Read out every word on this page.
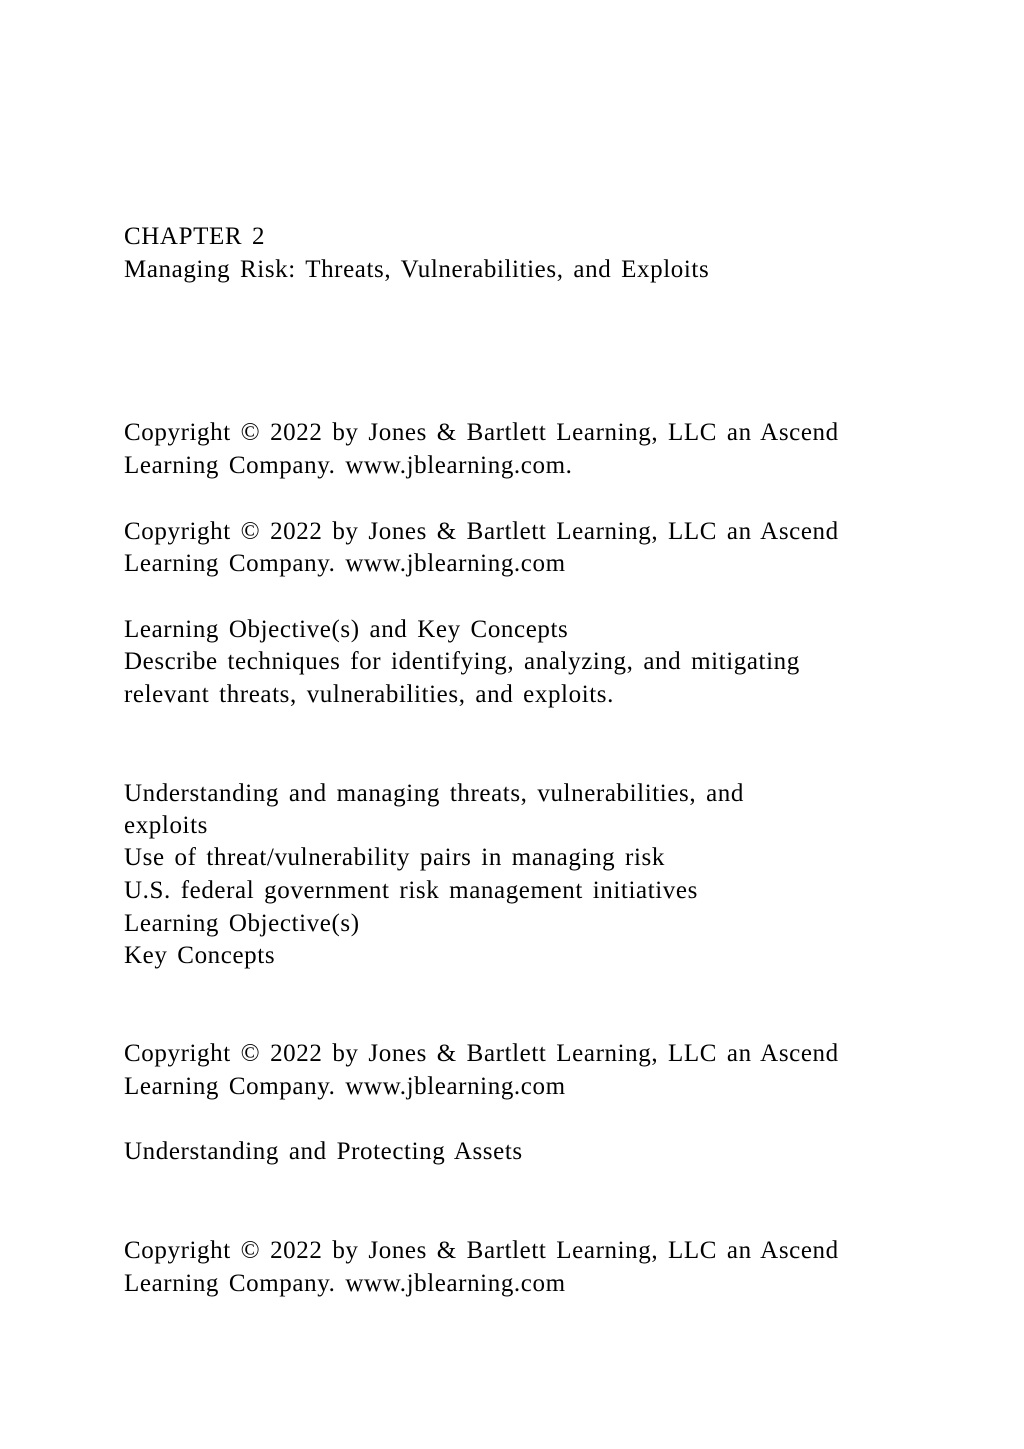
CHAPTER 2
Managing Risk: Threats, Vulnerabilities, and Exploits
Copyright © 2022 by Jones & Bartlett Learning, LLC an Ascend
Learning Company. www.jblearning.com.
Copyright © 2022 by Jones & Bartlett Learning, LLC an Ascend
Learning Company. www.jblearning.com
Learning Objective(s) and Key Concepts
Describe techniques for identifying, analyzing, and mitigating
relevant threats, vulnerabilities, and exploits.
Understanding and managing threats, vulnerabilities, and
exploits
Use of threat/vulnerability pairs in managing risk
U.S. federal government risk management initiatives
Learning Objective(s)
Key Concepts
Copyright © 2022 by Jones & Bartlett Learning, LLC an Ascend
Learning Company. www.jblearning.com
Understanding and Protecting Assets
Copyright © 2022 by Jones & Bartlett Learning, LLC an Ascend
Learning Company. www.jblearning.com
